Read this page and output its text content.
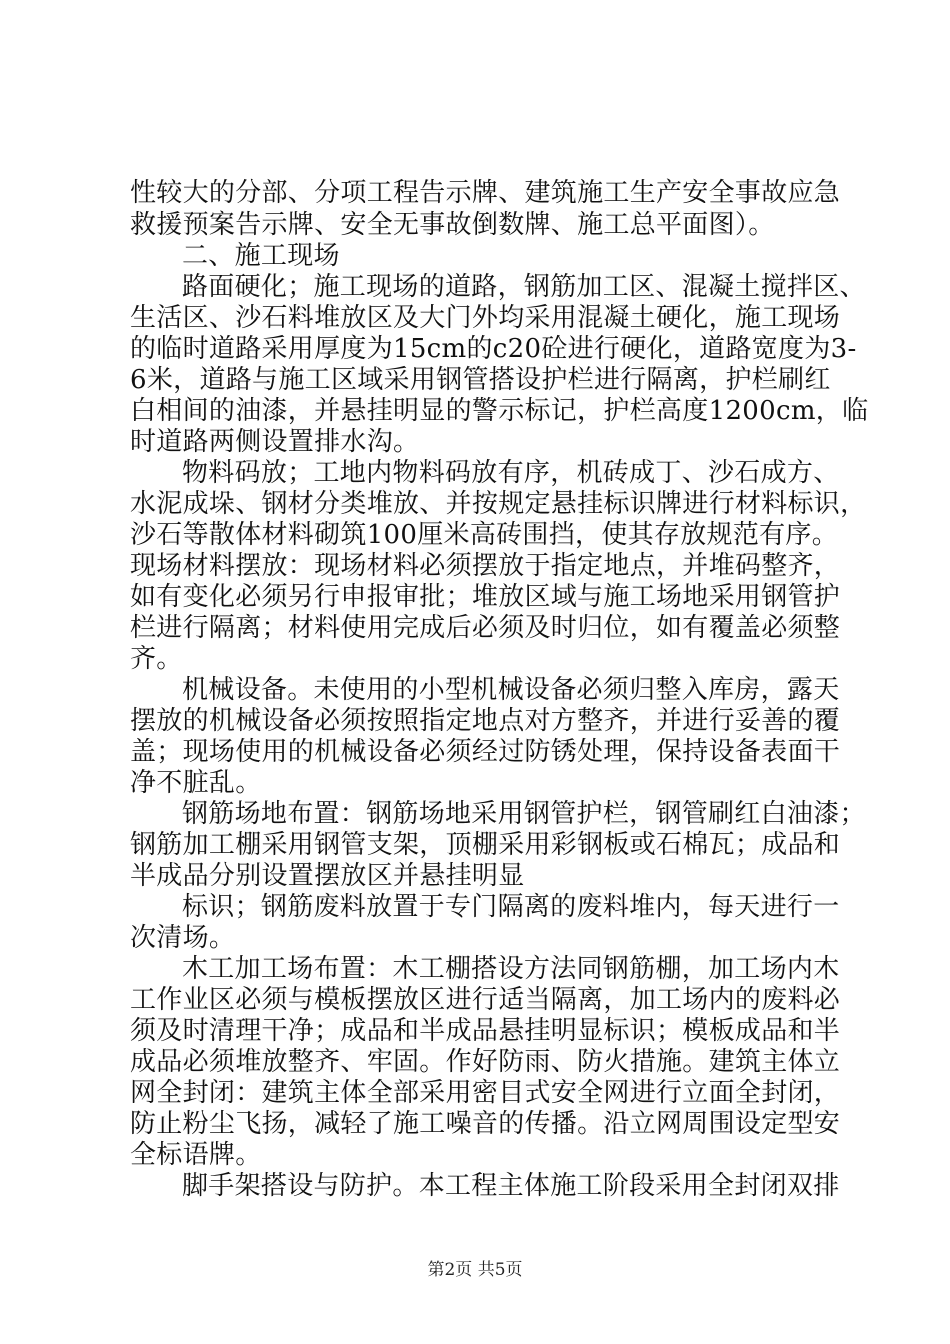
性较大的分部、分项工程告示牌、建筑施工生产安全事故应急
救援预案告示牌、安全无事故倒数牌、施工总平面图）。
二、施工现场
路面硬化；施工现场的道路，钢筋加工区、混凝土搅拌区、
生活区、沙石料堆放区及大门外均采用混凝土硬化，施工现场
的临时道路采用厚度为15cm的c20砼进行硬化，道路宽度为3-
6米，道路与施工区域采用钢管搭设护栏进行隔离，护栏刷红
白相间的油漆，并悬挂明显的警示标记，护栏高度1200cm，临
时道路两侧设置排水沟。
物料码放；工地内物料码放有序，机砖成丁、沙石成方、
水泥成垛、钢材分类堆放、并按规定悬挂标识牌进行材料标识，
沙石等散体材料砌筑100厘米高砖围挡，使其存放规范有序。
现场材料摆放：现场材料必须摆放于指定地点，并堆码整齐，
如有变化必须另行申报审批；堆放区域与施工场地采用钢管护
栏进行隔离；材料使用完成后必须及时归位，如有覆盖必须整
齐。
机械设备。未使用的小型机械设备必须归整入库房，露天
摆放的机械设备必须按照指定地点对方整齐，并进行妥善的覆
盖；现场使用的机械设备必须经过防锈处理，保持设备表面干
净不脏乱。
钢筋场地布置：钢筋场地采用钢管护栏，钢管刷红白油漆；
钢筋加工棚采用钢管支架，顶棚采用彩钢板或石棉瓦；成品和
半成品分别设置摆放区并悬挂明显
标识；钢筋废料放置于专门隔离的废料堆内，每天进行一
次清场。
木工加工场布置：木工棚搭设方法同钢筋棚，加工场内木
工作业区必须与模板摆放区进行适当隔离，加工场内的废料必
须及时清理干净；成品和半成品悬挂明显标识；模板成品和半
成品必须堆放整齐、牢固。作好防雨、防火措施。建筑主体立
网全封闭：建筑主体全部采用密目式安全网进行立面全封闭，
防止粉尘飞扬，减轻了施工噪音的传播。沿立网周围设定型安
全标语牌。
脚手架搭设与防护。本工程主体施工阶段采用全封闭双排
第2页 共5页
